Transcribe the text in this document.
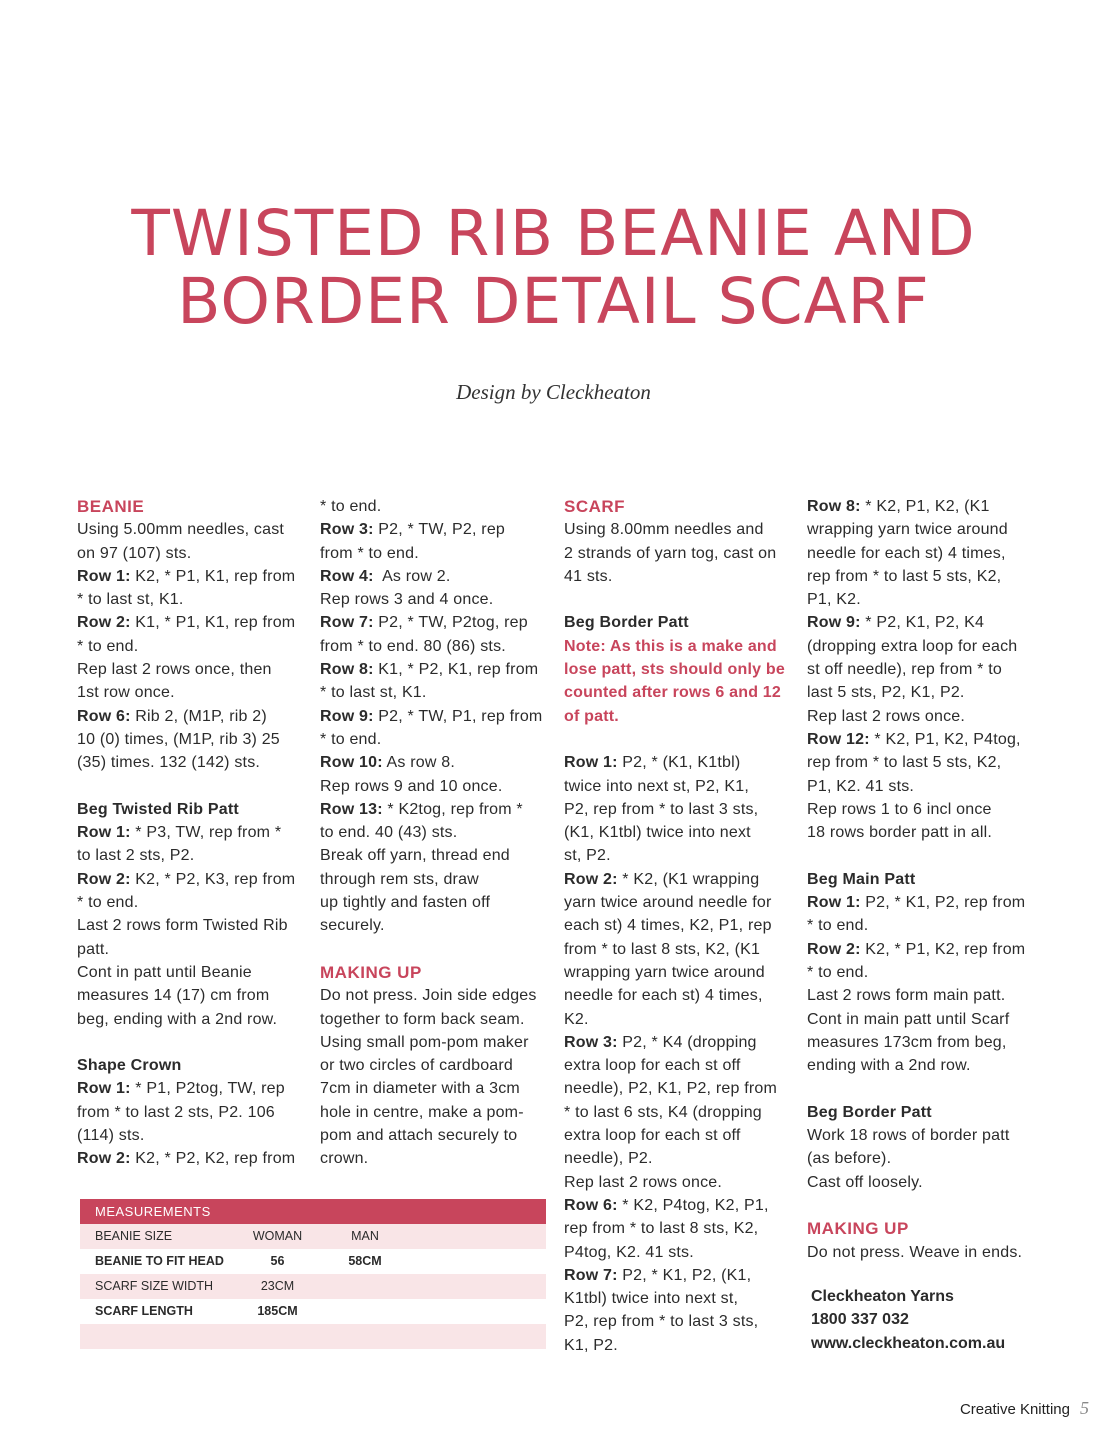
TWISTED RIB BEANIE AND
BORDER DETAIL SCARF
Design by Cleckheaton

BEANIE

Using 5.00mm needles, cast

on 97 (107) sts.

Row 1: K2, * P1, K1, rep from

* to last st, K1.

Row 2: K1, * P1, K1, rep from

* to end.

Rep last 2 rows once, then

1st row once.

Row 6: Rib 2, (M1P, rib 2)

10 (0) times, (M1P, rib 3) 25

(35) times. 132 (142) sts.

Beg Twisted Rib Patt

Row 1: * P3, TW, rep from *

to last 2 sts, P2.

Row 2: K2, * P2, K3, rep from

* to end.

Last 2 rows form Twisted Rib

patt.

Cont in patt until Beanie

measures 14 (17) cm from

beg, ending with a 2nd row.

Shape Crown

Row 1: * P1, P2tog, TW, rep

from * to last 2 sts, P2. 106

(114) sts.

Row 2: K2, * P2, K2, rep from

* to end.

Row 3: P2, * TW, P2, rep

from * to end.

Row 4:  As row 2.

Rep rows 3 and 4 once.

Row 7: P2, * TW, P2tog, rep

from * to end. 80 (86) sts.

Row 8: K1, * P2, K1, rep from

* to last st, K1.

Row 9: P2, * TW, P1, rep from

* to end.

Row 10: As row 8.

Rep rows 9 and 10 once.

Row 13: * K2tog, rep from *

to end. 40 (43) sts.

Break off yarn, thread end

through rem sts, draw

up tightly and fasten off

securely.

MAKING UP

Do not press. Join side edges

together to form back seam.

Using small pom-pom maker

or two circles of cardboard

7cm in diameter with a 3cm

hole in centre, make a pom-

pom and attach securely to

crown.

SCARF

Using 8.00mm needles and

2 strands of yarn tog, cast on

41 sts.

Beg Border Patt

Note: As this is a make and

lose patt, sts should only be

counted after rows 6 and 12

of patt.

Row 1: P2, * (K1, K1tbl)

twice into next st, P2, K1,

P2, rep from * to last 3 sts,

(K1, K1tbl) twice into next

st, P2.

Row 2: * K2, (K1 wrapping

yarn twice around needle for

each st) 4 times, K2, P1, rep

from * to last 8 sts, K2, (K1

wrapping yarn twice around

needle for each st) 4 times,

K2.

Row 3: P2, * K4 (dropping

extra loop for each st off

needle), P2, K1, P2, rep from

* to last 6 sts, K4 (dropping

extra loop for each st off

needle), P2.

Rep last 2 rows once.

Row 6: * K2, P4tog, K2, P1,

rep from * to last 8 sts, K2,

P4tog, K2. 41 sts.

Row 7: P2, * K1, P2, (K1,

K1tbl) twice into next st,

P2, rep from * to last 3 sts,

K1, P2.

Row 8: * K2, P1, K2, (K1

wrapping yarn twice around

needle for each st) 4 times,

rep from * to last 5 sts, K2,

P1, K2.

Row 9: * P2, K1, P2, K4

(dropping extra loop for each

st off needle), rep from * to

last 5 sts, P2, K1, P2.

Rep last 2 rows once.

Row 12: * K2, P1, K2, P4tog,

rep from * to last 5 sts, K2,

P1, K2. 41 sts.

Rep rows 1 to 6 incl once

18 rows border patt in all.

Beg Main Patt

Row 1: P2, * K1, P2, rep from

* to end.

Row 2: K2, * P1, K2, rep from

* to end.

Last 2 rows form main patt.

Cont in main patt until Scarf

measures 173cm from beg,

ending with a 2nd row.

Beg Border Patt

Work 18 rows of border patt

(as before).

Cast off loosely.

MAKING UP

Do not press. Weave in ends.

MEASUREMENTS
BEANIE SIZE	WOMAN	MAN
BEANIE TO FIT HEAD	56	58CM
SCARF SIZE WIDTH	23CM
SCARF LENGTH	185CM
Cleckheaton Yarns
1800 337 032
www.cleckheaton.com.au
Creative Knitting 5
